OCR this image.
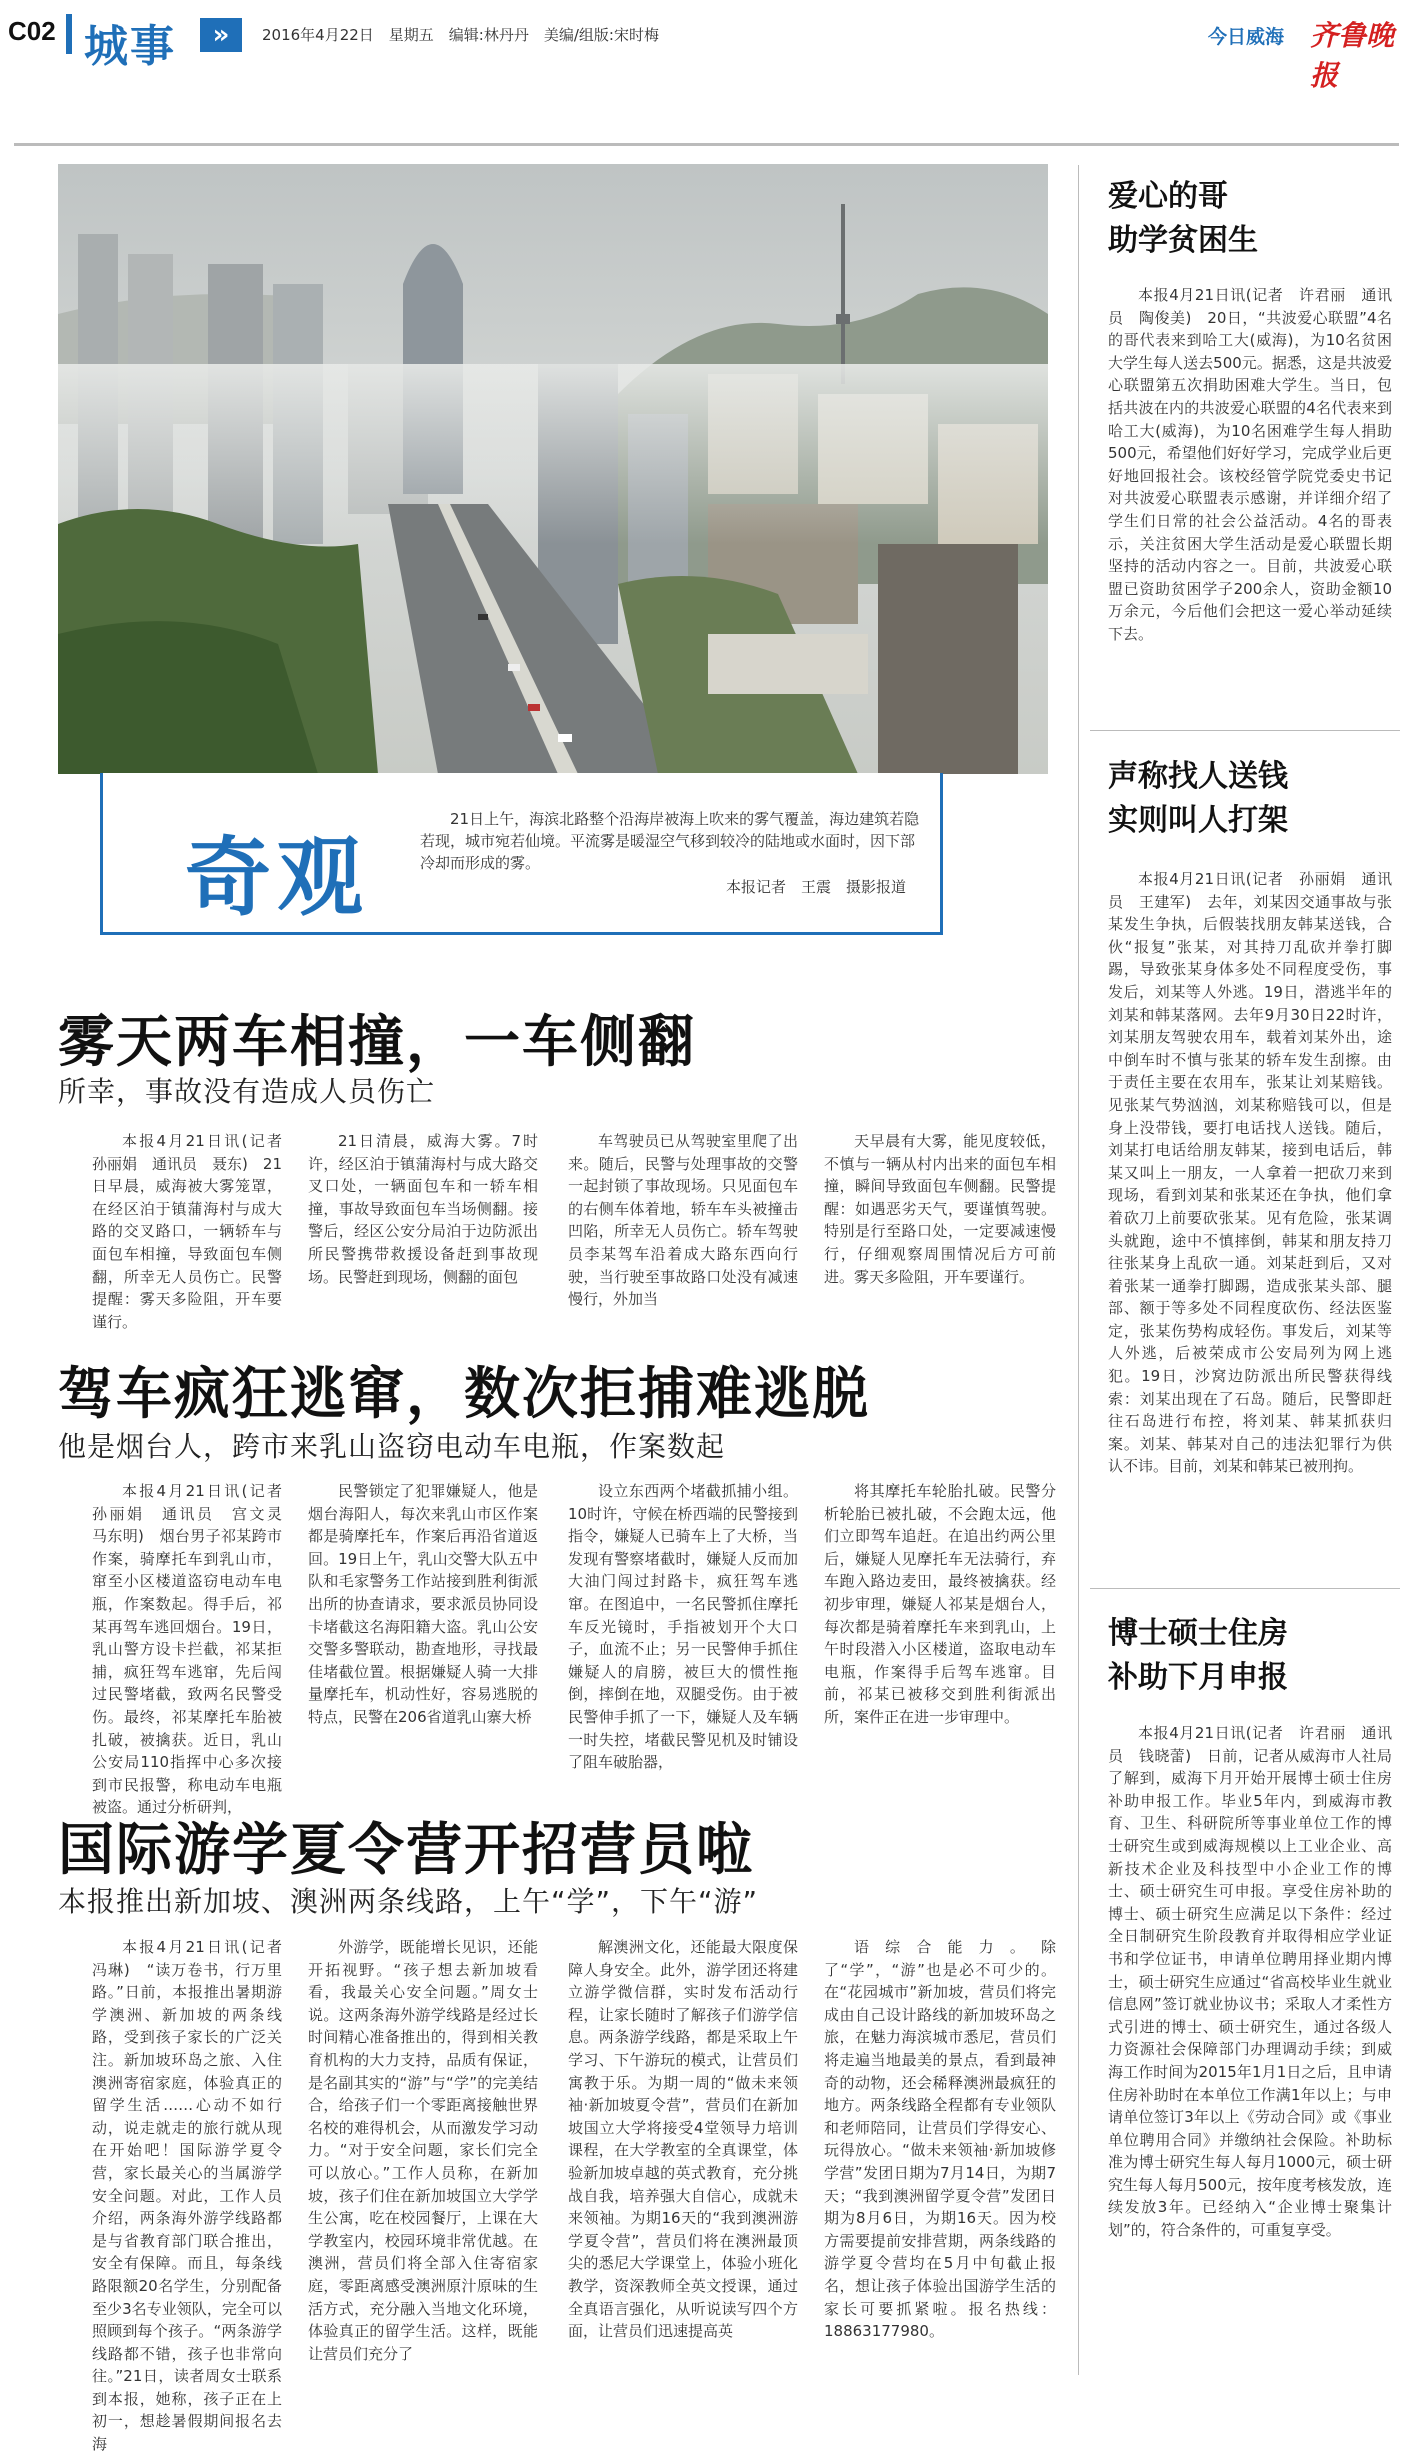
C02 城事	»	2016年4月22日　星期五　编辑:林丹丹　美编/组版:宋时梅	今日威海 齐鲁晚报
奇观
21日上午，海滨北路整个沿海岸被海上吹来的雾气覆盖，海边建筑若隐若现，城市宛若仙境。平流雾是暖湿空气移到较冷的陆地或水面时，因下部冷却而形成的雾。
本报记者　王震　摄影报道
雾天两车相撞，一车侧翻
所幸，事故没有造成人员伤亡

本报4月21日讯(记者　孙丽娟　通讯员　聂东)　21日早晨，威海被大雾笼罩，在经区泊于镇蒲海村与成大路的交叉路口，一辆轿车与面包车相撞，导致面包车侧翻，所幸无人员伤亡。民警提醒：雾天多险阻，开车要谨行。

21日清晨，威海大雾。7时许，经区泊于镇蒲海村与成大路交叉口处，一辆面包车和一轿车相撞，事故导致面包车当场侧翻。接警后，经区公安分局泊于边防派出所民警携带救援设备赶到事故现场。民警赶到现场，侧翻的面包

车驾驶员已从驾驶室里爬了出来。随后，民警与处理事故的交警一起封锁了事故现场。只见面包车的右侧车体着地，轿车车头被撞击凹陷，所幸无人员伤亡。轿车驾驶员李某驾车沿着成大路东西向行驶，当行驶至事故路口处没有减速慢行，外加当

天早晨有大雾，能见度较低，不慎与一辆从村内出来的面包车相撞，瞬间导致面包车侧翻。民警提醒：如遇恶劣天气，要谨慎驾驶。特别是行至路口处，一定要减速慢行，仔细观察周围情况后方可前进。雾天多险阻，开车要谨行。

驾车疯狂逃窜，数次拒捕难逃脱
他是烟台人，跨市来乳山盗窃电动车电瓶，作案数起

本报4月21日讯(记者　孙丽娟　通讯员　宫文灵　马东明)　烟台男子祁某跨市作案，骑摩托车到乳山市，窜至小区楼道盗窃电动车电瓶，作案数起。得手后，祁某再驾车逃回烟台。19日，乳山警方设卡拦截，祁某拒捕，疯狂驾车逃窜，先后闯过民警堵截，致两名民警受伤。最终，祁某摩托车胎被扎破，被擒获。近日，乳山公安局110指挥中心多次接到市民报警，称电动车电瓶被盗。通过分析研判，

民警锁定了犯罪嫌疑人，他是烟台海阳人，每次来乳山市区作案都是骑摩托车，作案后再沿省道返回。19日上午，乳山交警大队五中队和毛家警务工作站接到胜利街派出所的协查请求，要求派员协同设卡堵截这名海阳籍大盗。乳山公安交警多警联动，勘查地形，寻找最佳堵截位置。根据嫌疑人骑一大排量摩托车，机动性好，容易逃脱的特点，民警在206省道乳山寨大桥

设立东西两个堵截抓捕小组。10时许，守候在桥西端的民警接到指令，嫌疑人已骑车上了大桥，当发现有警察堵截时，嫌疑人反而加大油门闯过封路卡，疯狂驾车逃窜。在图追中，一名民警抓住摩托车反光镜时，手指被划开个大口子，血流不止；另一民警伸手抓住嫌疑人的肩膀，被巨大的惯性拖倒，摔倒在地，双腿受伤。由于被民警伸手抓了一下，嫌疑人及车辆一时失控，堵截民警见机及时铺设了阻车破胎器，

将其摩托车轮胎扎破。民警分析轮胎已被扎破，不会跑太远，他们立即驾车追赶。在追出约两公里后，嫌疑人见摩托车无法骑行，弃车跑入路边麦田，最终被擒获。经初步审理，嫌疑人祁某是烟台人，每次都是骑着摩托车来到乳山，上午时段潜入小区楼道，盗取电动车电瓶，作案得手后驾车逃窜。目前，祁某已被移交到胜利街派出所，案件正在进一步审理中。

国际游学夏令营开招营员啦
本报推出新加坡、澳洲两条线路，上午“学”，下午“游”

本报4月21日讯(记者　冯琳)　“读万卷书，行万里路。”日前，本报推出暑期游学澳洲、新加坡的两条线路，受到孩子家长的广泛关注。新加坡环岛之旅、入住澳洲寄宿家庭，体验真正的留学生活……心动不如行动，说走就走的旅行就从现在开始吧！国际游学夏令营，家长最关心的当属游学安全问题。对此，工作人员介绍，两条海外游学线路都是与省教育部门联合推出，安全有保障。而且，每条线路限额20名学生，分别配备至少3名专业领队，完全可以照顾到每个孩子。“两条游学线路都不错，孩子也非常向往。”21日，读者周女士联系到本报，她称，孩子正在上初一，想趁暑假期间报名去海

外游学，既能增长见识，还能开拓视野。“孩子想去新加坡看看，我最关心安全问题。”周女士说。这两条海外游学线路是经过长时间精心准备推出的，得到相关教育机构的大力支持，品质有保证，是名副其实的“游”与“学”的完美结合，给孩子们一个零距离接触世界名校的难得机会，从而激发学习动力。“对于安全问题，家长们完全可以放心。”工作人员称，在新加坡，孩子们住在新加坡国立大学学生公寓，吃在校园餐厅，上课在大学教室内，校园环境非常优越。在澳洲，营员们将全部入住寄宿家庭，零距离感受澳洲原汁原味的生活方式，充分融入当地文化环境，体验真正的留学生活。这样，既能让营员们充分了

解澳洲文化，还能最大限度保障人身安全。此外，游学团还将建立游学微信群，实时发布活动行程，让家长随时了解孩子们游学信息。两条游学线路，都是采取上午学习、下午游玩的模式，让营员们寓教于乐。为期一周的“做未来领袖·新加坡夏令营”，营员们在新加坡国立大学将接受4堂领导力培训课程，在大学教室的全真课堂，体验新加坡卓越的英式教育，充分挑战自我，培养强大自信心，成就未来领袖。为期16天的“我到澳洲游学夏令营”，营员们将在澳洲最顶尖的悉尼大学课堂上，体验小班化教学，资深教师全英文授课，通过全真语言强化，从听说读写四个方面，让营员们迅速提高英

语综合能力。除了“学”，“游”也是必不可少的。在“花园城市”新加坡，营员们将完成由自己设计路线的新加坡环岛之旅，在魅力海滨城市悉尼，营员们将走遍当地最美的景点，看到最神奇的动物，还会稀释澳洲最疯狂的地方。两条线路全程都有专业领队和老师陪同，让营员们学得安心、玩得放心。“做未来领袖·新加坡修学营”发团日期为7月14日，为期7天；“我到澳洲留学夏令营”发团日期为8月6日，为期16天。因为校方需要提前安排营期，两条线路的游学夏令营均在5月中旬截止报名，想让孩子体验出国游学生活的家长可要抓紧啦。报名热线：18863177980。

爱心的哥
助学贫困生

本报4月21日讯(记者　许君丽　通讯员　陶俊美)　20日，“共波爱心联盟”4名的哥代表来到哈工大(威海)，为10名贫困大学生每人送去500元。据悉，这是共波爱心联盟第五次捐助困难大学生。当日，包括共波在内的共波爱心联盟的4名代表来到哈工大(威海)，为10名困难学生每人捐助500元，希望他们好好学习，完成学业后更好地回报社会。该校经管学院党委史书记对共波爱心联盟表示感谢，并详细介绍了学生们日常的社会公益活动。4名的哥表示，关注贫困大学生活动是爱心联盟长期坚持的活动内容之一。目前，共波爱心联盟已资助贫困学子200余人，资助金额10万余元，今后他们会把这一爱心举动延续下去。

声称找人送钱
实则叫人打架

本报4月21日讯(记者　孙丽娟　通讯员　王建军)　去年，刘某因交通事故与张某发生争执，后假装找朋友韩某送钱，合伙“报复”张某，对其持刀乱砍并拳打脚踢，导致张某身体多处不同程度受伤，事发后，刘某等人外逃。19日，潜逃半年的刘某和韩某落网。去年9月30日22时许，刘某朋友驾驶农用车，载着刘某外出，途中倒车时不慎与张某的轿车发生刮擦。由于责任主要在农用车，张某让刘某赔钱。见张某气势汹汹，刘某称赔钱可以，但是身上没带钱，要打电话找人送钱。随后，刘某打电话给朋友韩某，接到电话后，韩某又叫上一朋友，一人拿着一把砍刀来到现场，看到刘某和张某还在争执，他们拿着砍刀上前要砍张某。见有危险，张某调头就跑，途中不慎摔倒，韩某和朋友持刀往张某身上乱砍一通。刘某赶到后，又对着张某一通拳打脚踢，造成张某头部、腿部、额于等多处不同程度砍伤、经法医鉴定，张某伤势构成轻伤。事发后，刘某等人外逃，后被荣成市公安局列为网上逃犯。19日，沙窝边防派出所民警获得线索：刘某出现在了石岛。随后，民警即赶往石岛进行布控，将刘某、韩某抓获归案。刘某、韩某对自己的违法犯罪行为供认不讳。目前，刘某和韩某已被刑拘。

博士硕士住房
补助下月申报

本报4月21日讯(记者　许君丽　通讯员　钱晓蕾)　日前，记者从威海市人社局了解到，威海下月开始开展博士硕士住房补助申报工作。毕业5年内，到威海市教育、卫生、科研院所等事业单位工作的博士研究生或到威海规模以上工业企业、高新技术企业及科技型中小企业工作的博士、硕士研究生可申报。享受住房补助的博士、硕士研究生应满足以下条件：经过全日制研究生阶段教育并取得相应学业证书和学位证书，申请单位聘用择业期内博士，硕士研究生应通过“省高校毕业生就业信息网”签订就业协议书；采取人才柔性方式引进的博士、硕士研究生，通过各级人力资源社会保障部门办理调动手续；到威海工作时间为2015年1月1日之后，且申请住房补助时在本单位工作满1年以上；与申请单位签订3年以上《劳动合同》或《事业单位聘用合同》并缴纳社会保险。补助标准为博士研究生每人每月1000元，硕士研究生每人每月500元，按年度考核发放，连续发放3年。已经纳入“企业博士聚集计划”的，符合条件的，可重复享受。
